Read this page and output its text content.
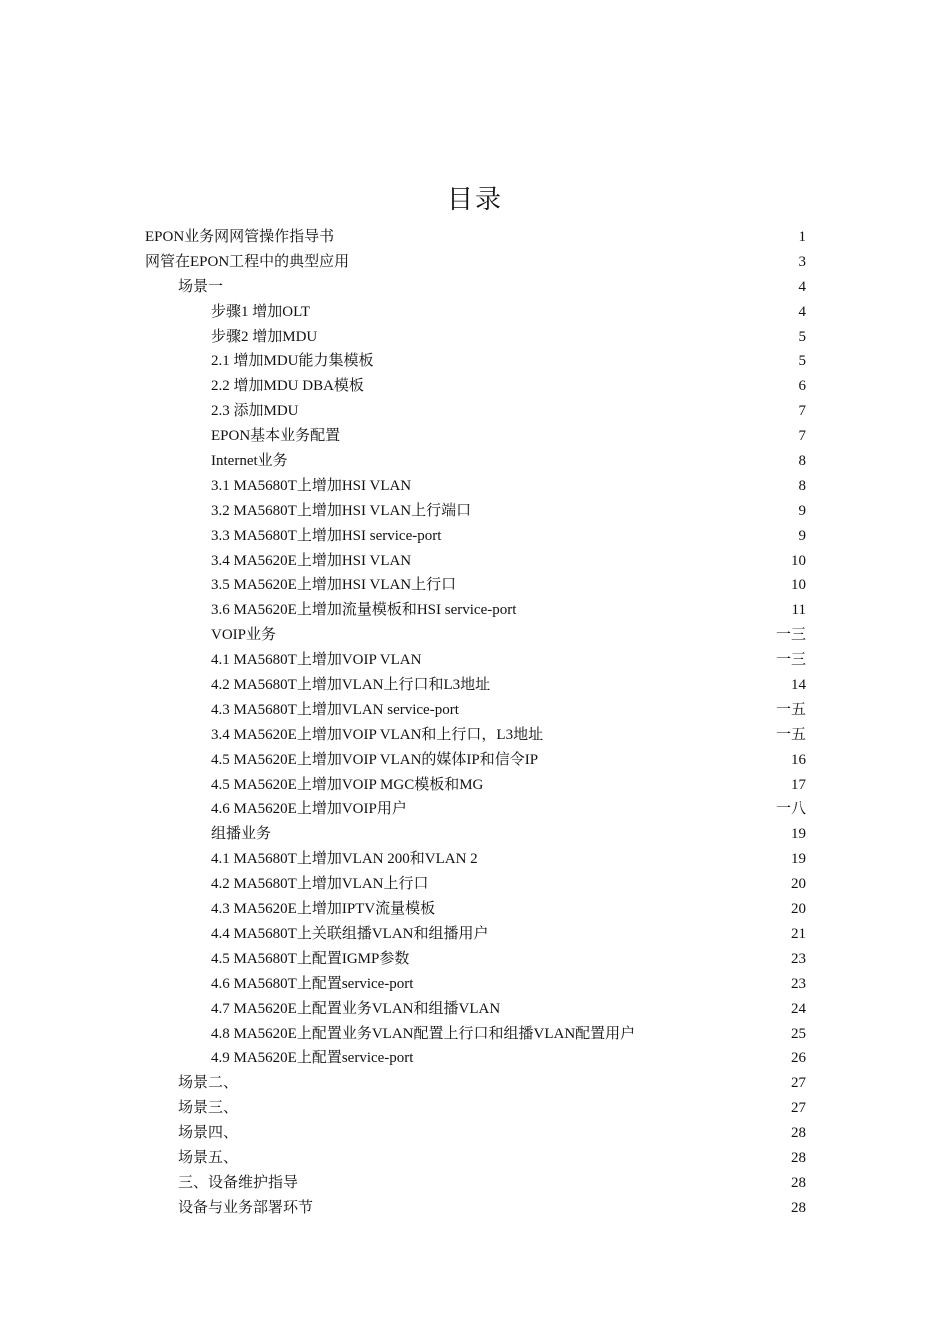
目录
EPON业务网网管操作指导书	1
网管在EPON工程中的典型应用	3
场景一	4
步骤1 增加OLT	4
步骤2 增加MDU	5
2.1 增加MDU能力集模板	5
2.2 增加MDU DBA模板	6
2.3 添加MDU	7
EPON基本业务配置	7
Internet业务	8
3.1 MA5680T上增加HSI VLAN	8
3.2 MA5680T上增加HSI VLAN上行端口	9
3.3 MA5680T上增加HSI service-port	9
3.4 MA5620E上增加HSI VLAN	10
3.5 MA5620E上增加HSI VLAN上行口	10
3.6 MA5620E上增加流量模板和HSI service-port	11
VOIP业务	一三
4.1 MA5680T上增加VOIP VLAN	一三
4.2 MA5680T上增加VLAN上行口和L3地址	14
4.3 MA5680T上增加VLAN service-port	一五
3.4 MA5620E上增加VOIP VLAN和上行口，L3地址	一五
4.5 MA5620E上增加VOIP VLAN的媒体IP和信令IP	16
4.5 MA5620E上增加VOIP MGC模板和MG	17
4.6 MA5620E上增加VOIP用户	一八
组播业务	19
4.1 MA5680T上增加VLAN 200和VLAN 2	19
4.2 MA5680T上增加VLAN上行口	20
4.3 MA5620E上增加IPTV流量模板	20
4.4 MA5680T上关联组播VLAN和组播用户	21
4.5 MA5680T上配置IGMP参数	23
4.6 MA5680T上配置service-port	23
4.7 MA5620E上配置业务VLAN和组播VLAN	24
4.8 MA5620E上配置业务VLAN配置上行口和组播VLAN配置用户	25
4.9 MA5620E上配置service-port	26
场景二、	27
场景三、	27
场景四、	28
场景五、	28
三、设备维护指导	28
设备与业务部署环节	28
